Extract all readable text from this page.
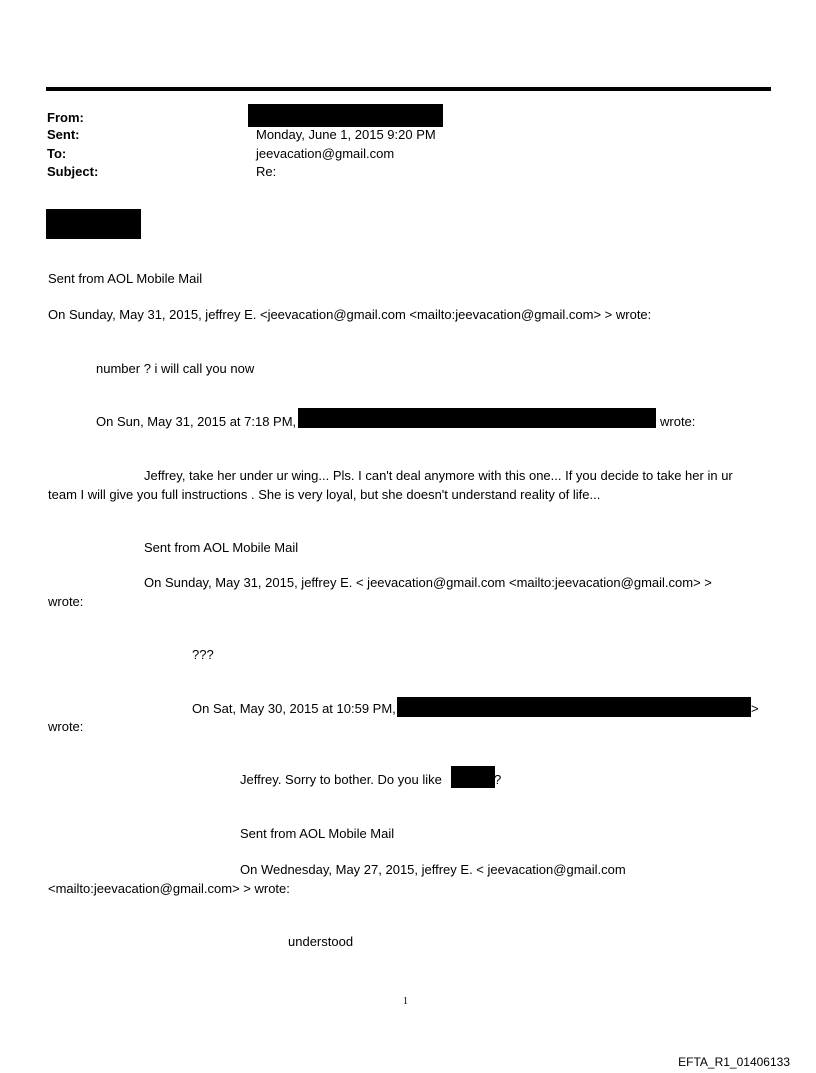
From:
Sent:	Monday, June 1, 2015 9:20 PM
To:	jeevacation@gmail.com
Subject:	Re:
Sent from AOL Mobile Mail
On Sunday, May 31, 2015, jeffrey E. <jeevacation@gmail.com <mailto:jeevacation@gmail.com> > wrote:
number ? i will call you now
On Sun, May 31, 2015 at 7:18 PM,	wrote:
Jeffrey, take her under ur wing... Pls. I can't deal anymore with this one... If you decide to take her in ur
team I will give you full instructions . She is very loyal, but she doesn't understand reality of life...
Sent from AOL Mobile Mail
On Sunday, May 31, 2015, jeffrey E. < jeevacation@gmail.com <mailto:jeevacation@gmail.com> >
wrote:
???
On Sat, May 30, 2015 at 10:59 PM,	>
wrote:
Jeffrey. Sorry to bother. Do you like	?
Sent from AOL Mobile Mail
On Wednesday, May 27, 2015, jeffrey E. < jeevacation@gmail.com
<mailto:jeevacation@gmail.com> > wrote:
understood
1
EFTA_R1_01406133
